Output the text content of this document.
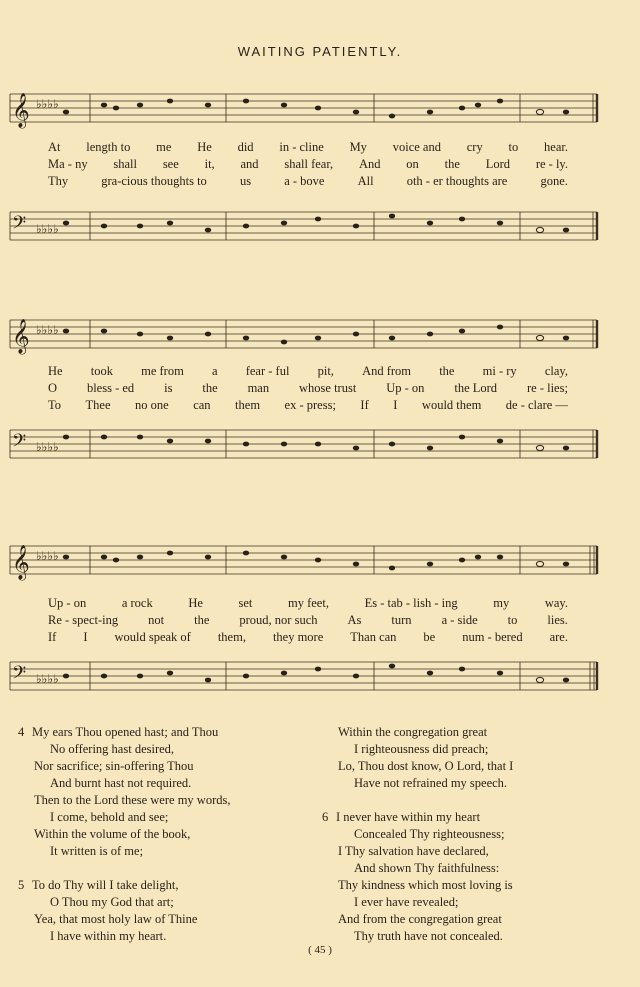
WAITING PATIENTLY.
𝄞 ♭♭♭♭
At length to me He did in - cline My voice and cry to hear.
Ma - ny shall see it, and shall fear, And on the Lord re - ly.
Thy	gra-cious thoughts to	us	a - bove	All	oth - er thoughts are	gone.
𝄢 ♭♭♭♭
𝄞 ♭♭♭♭
He took me from a fear - ful pit, And from the mi - ry clay,
O bless - ed is the man whose trust Up - on the Lord re - lies;
To Thee no one can them ex - press; If I would them de - clare —
𝄢 ♭♭♭♭
𝄞 ♭♭♭♭
Up - on	a rock	He	set	my feet,	Es - tab - lish - ing	my	way.
Re - spect-ing not the proud, nor such As turn a - side to lies.
If I would speak of them, they more Than can be num - bered are.
𝄢 ♭♭♭♭
4 My ears Thou opened hast; and Thou
No offering hast desired,
Nor sacrifice; sin-offering Thou
And burnt hast not required.
Then to the Lord these were my words,
I come, behold and see;
Within the volume of the book,
It written is of me;
5 To do Thy will I take delight,
O Thou my God that art;
Yea, that most holy law of Thine
I have within my heart.
Within the congregation great
I righteousness did preach;
Lo, Thou dost know, O Lord, that I
Have not refrained my speech.
6 I never have within my heart
Concealed Thy righteousness;
I Thy salvation have declared,
And shown Thy faithfulness:
Thy kindness which most loving is
I ever have revealed;
And from the congregation great
Thy truth have not concealed.
( 45 )
